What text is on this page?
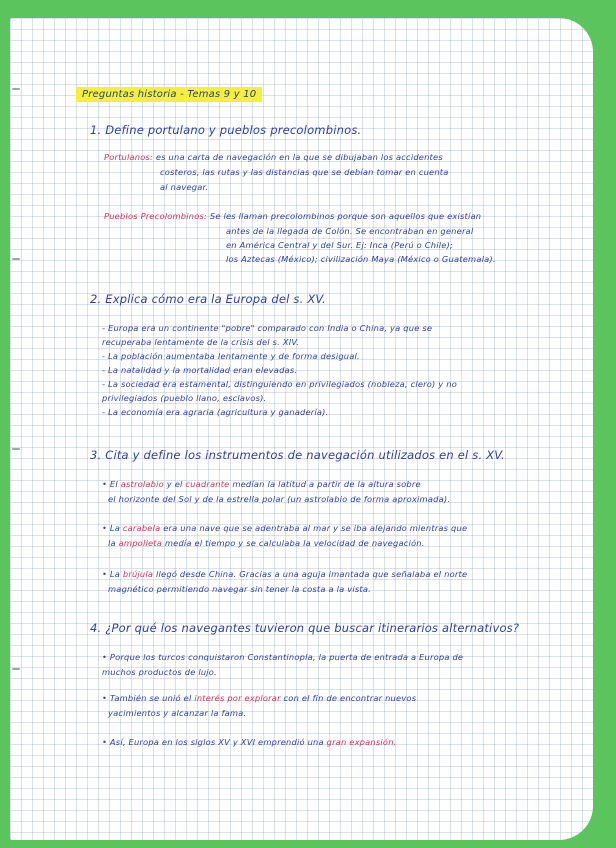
Preguntas historia - Temas 9 y 10
1. Define portulano y pueblos precolombinos.
Portulanos: es una carta de navegación en la que se dibujaban los accidentes
costeros, las rutas y las distancias que se debían tomar en cuenta
al navegar.
Pueblos Precolombinos: Se les llaman precolombinos porque son aquellos que existían
antes de la llegada de Colón. Se encontraban en general
en América Central y del Sur. Ej: Inca (Perú o Chile);
los Aztecas (México); civilización Maya (México o Guatemala).
2. Explica cómo era la Europa del s. XV.
- Europa era un continente "pobre" comparado con India o China, ya que se
recuperaba lentamente de la crisis del s. XIV.
- La población aumentaba lentamente y de forma desigual.
- La natalidad y la mortalidad eran elevadas.
- La sociedad era estamental, distinguiendo en privilegiados (nobleza, clero) y no
privilegiados (pueblo llano, esclavos).
- La economía era agraria (agricultura y ganadería).
3. Cita y define los instrumentos de navegación utilizados en el s. XV.
• El astrolabio y el cuadrante medían la latitud a partir de la altura sobre
el horizonte del Sol y de la estrella polar (un astrolabio de forma aproximada).
• La carabela era una nave que se adentraba al mar y se iba alejando mientras que
la ampolleta medía el tiempo y se calculaba la velocidad de navegación.
• La brújula llegó desde China. Gracias a una aguja imantada que señalaba el norte
magnético permitiendo navegar sin tener la costa a la vista.
4. ¿Por qué los navegantes tuvieron que buscar itinerarios alternativos?
• Porque los turcos conquistaron Constantinopla, la puerta de entrada a Europa de
muchos productos de lujo.
• También se unió el interés por explorar con el fin de encontrar nuevos
yacimientos y alcanzar la fama.
• Así, Europa en los siglos XV y XVI emprendió una gran expansión.
